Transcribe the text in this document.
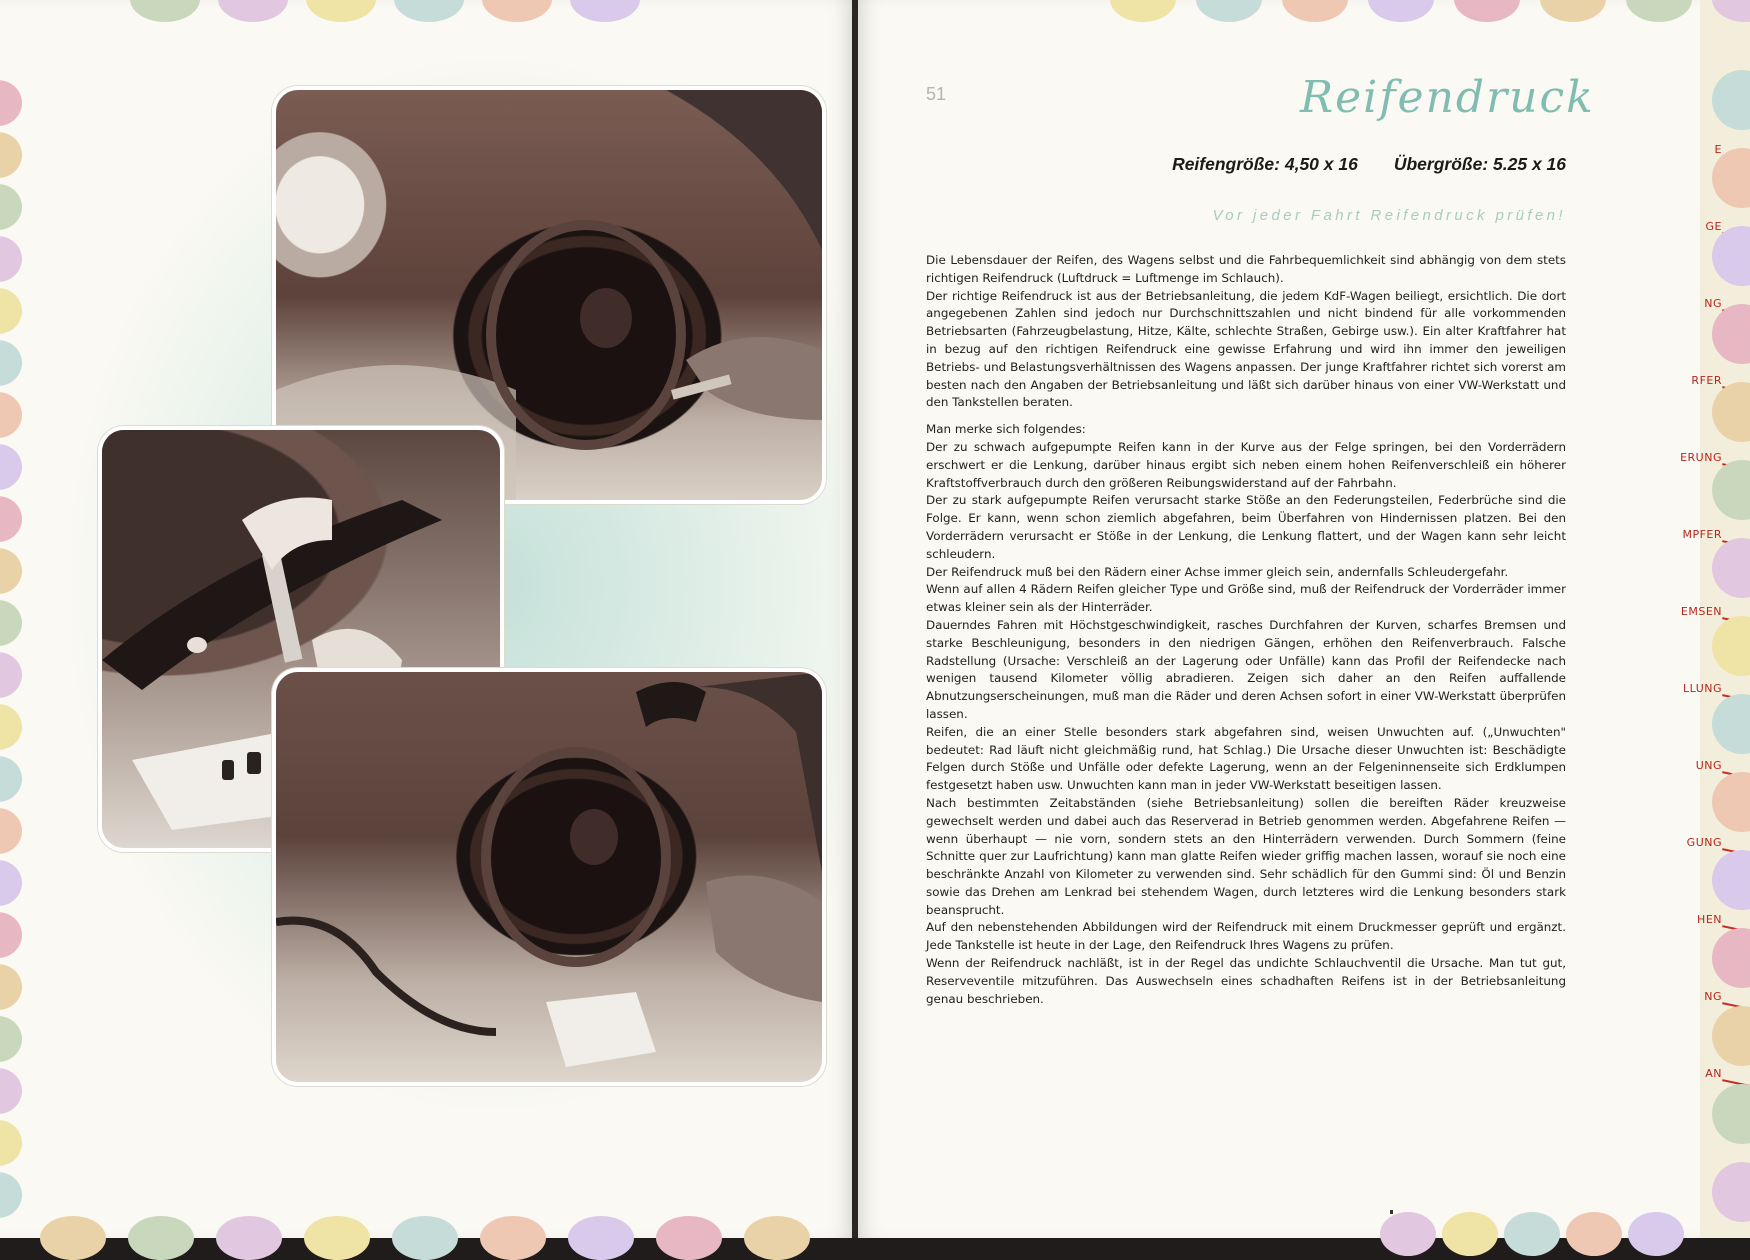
51	Reifendruck
Reifengröße: 4,50 x 16 Übergröße: 5.25 x 16
Vor jeder Fahrt Reifendruck prüfen!

Die Lebensdauer der Reifen, des Wagens selbst und die Fahrbequemlichkeit sind abhängig von dem stets richtigen Reifendruck (Luftdruck = Luftmenge im Schlauch).

Der richtige Reifendruck ist aus der Betriebsanleitung, die jedem KdF-Wagen beiliegt, ersichtlich. Die dort angegebenen Zahlen sind jedoch nur Durchschnittszahlen und nicht bindend für alle vorkommenden Betriebsarten (Fahrzeugbelastung, Hitze, Kälte, schlechte Straßen, Gebirge usw.). Ein alter Kraftfahrer hat in bezug auf den richtigen Reifendruck eine gewisse Erfahrung und wird ihn immer den jeweiligen Betriebs- und Belastungsverhältnissen des Wagens anpassen. Der junge Kraftfahrer richtet sich vorerst am besten nach den Angaben der Betriebsanleitung und läßt sich darüber hinaus von einer VW-Werkstatt und den Tankstellen beraten.

Man merke sich folgendes:

Der zu schwach aufgepumpte Reifen kann in der Kurve aus der Felge springen, bei den Vorderrädern erschwert er die Lenkung, darüber hinaus ergibt sich neben einem hohen Reifenverschleiß ein höherer Kraftstoffverbrauch durch den größeren Reibungswiderstand auf der Fahrbahn.

Der zu stark aufgepumpte Reifen verursacht starke Stöße an den Federungsteilen, Federbrüche sind die Folge. Er kann, wenn schon ziemlich abgefahren, beim Überfahren von Hindernissen platzen. Bei den Vorderrädern verursacht er Stöße in der Lenkung, die Lenkung flattert, und der Wagen kann sehr leicht schleudern.

Der Reifendruck muß bei den Rädern einer Achse immer gleich sein, andernfalls Schleudergefahr.

Wenn auf allen 4 Rädern Reifen gleicher Type und Größe sind, muß der Reifendruck der Vorderräder immer etwas kleiner sein als der Hinterräder.

Dauerndes Fahren mit Höchstgeschwindigkeit, rasches Durchfahren der Kurven, scharfes Bremsen und starke Beschleunigung, besonders in den niedrigen Gängen, erhöhen den Reifenverbrauch. Falsche Radstellung (Ursache: Verschleiß an der Lagerung oder Unfälle) kann das Profil der Reifendecke nach wenigen tausend Kilometer völlig abradieren. Zeigen sich daher an den Reifen auffallende Abnutzungserscheinungen, muß man die Räder und deren Achsen sofort in einer VW-Werkstatt überprüfen lassen.

Reifen, die an einer Stelle besonders stark abgefahren sind, weisen Unwuchten auf. („Unwuchten" bedeutet: Rad läuft nicht gleichmäßig rund, hat Schlag.) Die Ursache dieser Unwuchten ist: Beschädigte Felgen durch Stöße und Unfälle oder defekte Lagerung, wenn an der Felgeninnenseite sich Erdklumpen festgesetzt haben usw. Unwuchten kann man in jeder VW-Werkstatt beseitigen lassen.

Nach bestimmten Zeitabständen (siehe Betriebsanleitung) sollen die bereiften Räder kreuzweise gewechselt werden und dabei auch das Reserverad in Betrieb genommen werden. Abgefahrene Reifen — wenn überhaupt — nie vorn, sondern stets an den Hinterrädern verwenden. Durch Sommern (feine Schnitte quer zur Laufrichtung) kann man glatte Reifen wieder griffig machen lassen, worauf sie noch eine beschränkte Anzahl von Kilometer zu verwenden sind. Sehr schädlich für den Gummi sind: Öl und Benzin sowie das Drehen am Lenkrad bei stehendem Wagen, durch letzteres wird die Lenkung besonders stark beansprucht.

Auf den nebenstehenden Abbildungen wird der Reifendruck mit einem Druckmesser geprüft und ergänzt. Jede Tankstelle ist heute in der Lage, den Reifendruck Ihres Wagens zu prüfen.

Wenn der Reifendruck nachläßt, ist in der Regel das undichte Schlauchventil die Ursache. Man tut gut, Reserveventile mitzuführen. Das Auswechseln eines schadhaften Reifens ist in der Betriebsanleitung genau beschrieben.

E
GE
NG
RFER
ERUNG
MPFER
EMSEN
LLUNG
UNG
GUNG
HEN
NG
AN
